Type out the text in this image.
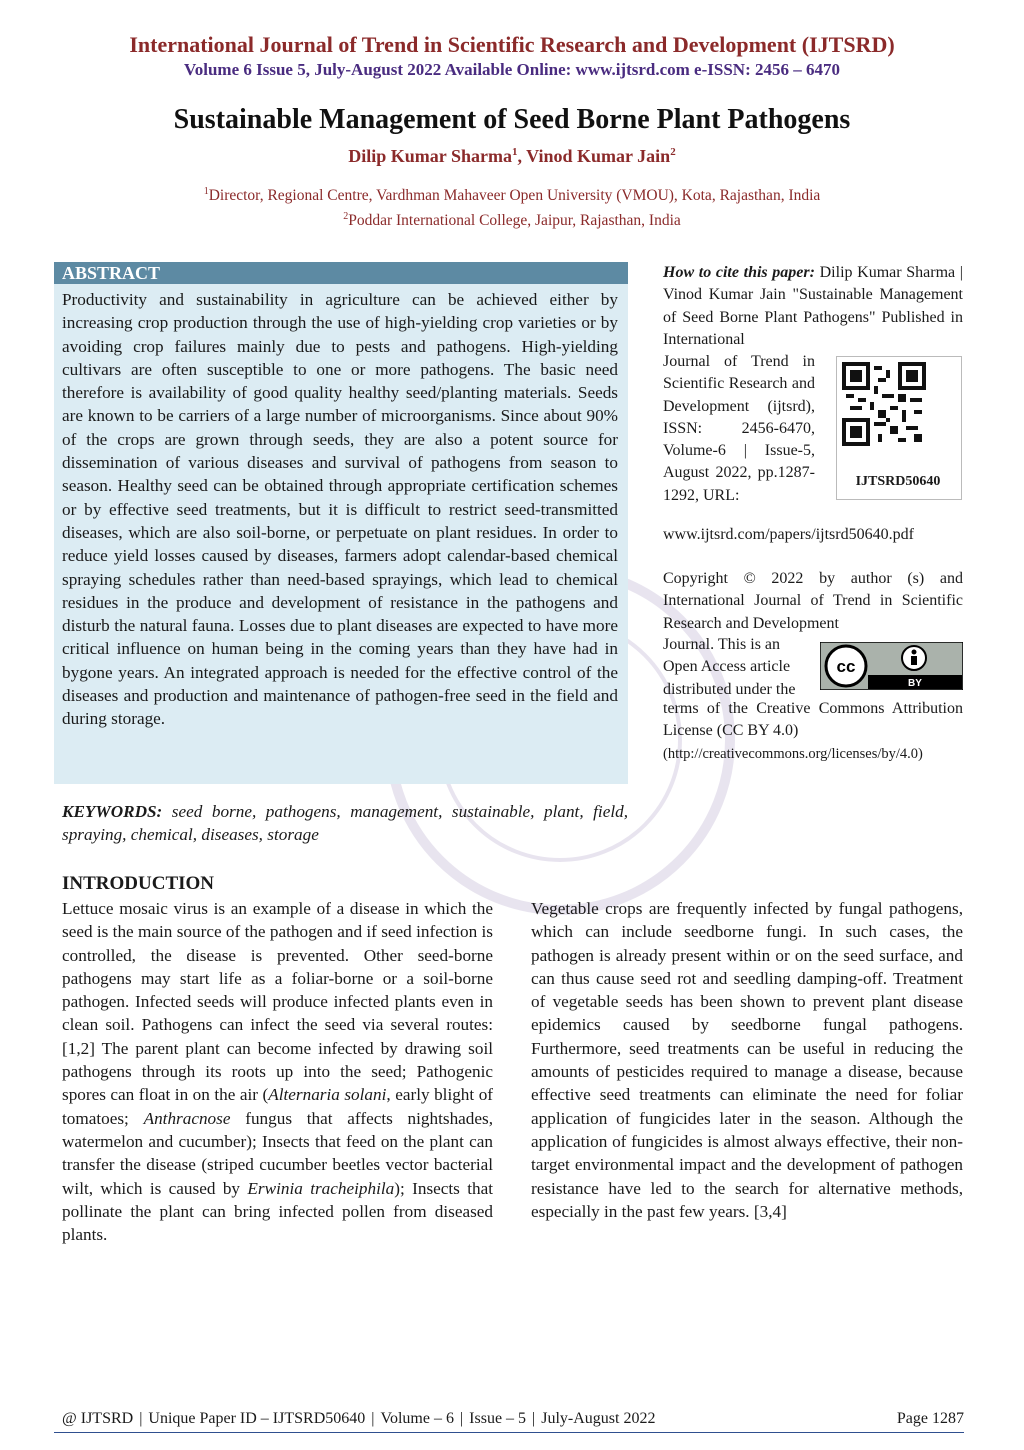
International Journal of Trend in Scientific Research and Development (IJTSRD)
Volume 6 Issue 5, July-August 2022 Available Online: www.ijtsrd.com e-ISSN: 2456 – 6470
Sustainable Management of Seed Borne Plant Pathogens
Dilip Kumar Sharma$^1$, Vinod Kumar Jain$^2$
$^1$Director, Regional Centre, Vardhman Mahaveer Open University (VMOU), Kota, Rajasthan, India
$^2$Poddar International College, Jaipur, Rajasthan, India
ABSTRACT
Productivity and sustainability in agriculture can be achieved either by increasing crop production through the use of high-yielding crop varieties or by avoiding crop failures mainly due to pests and pathogens. High-yielding cultivars are often susceptible to one or more pathogens. The basic need therefore is availability of good quality healthy seed/planting materials. Seeds are known to be carriers of a large number of microorganisms. Since about 90% of the crops are grown through seeds, they are also a potent source for dissemination of various diseases and survival of pathogens from season to season. Healthy seed can be obtained through appropriate certification schemes or by effective seed treatments, but it is difficult to restrict seed-transmitted diseases, which are also soil-borne, or perpetuate on plant residues. In order to reduce yield losses caused by diseases, farmers adopt calendar-based chemical spraying schedules rather than need-based sprayings, which lead to chemical residues in the produce and development of resistance in the pathogens and disturb the natural fauna. Losses due to plant diseases are expected to have more critical influence on human being in the coming years than they have had in bygone years. An integrated approach is needed for the effective control of the diseases and production and maintenance of pathogen-free seed in the field and during storage.
How to cite this paper: Dilip Kumar Sharma | Vinod Kumar Jain "Sustainable Management of Seed Borne Plant Pathogens" Published in International
Journal of Trend in Scientific Research and Development (ijtsrd), ISSN: 2456-6470, Volume-6 | Issue-5, August 2022, pp.1287-1292, URL:
www.ijtsrd.com/papers/ijtsrd50640.pdf
IJTSRD50640
Copyright © 2022 by author (s) and International Journal of Trend in Scientific Research and Development
Journal. This is an Open Access article distributed under the
cc
BY
terms of the Creative Commons Attribution License (CC BY 4.0)
(http://creativecommons.org/licenses/by/4.0)
KEYWORDS: seed borne, pathogens, management, sustainable, plant, field, spraying, chemical, diseases, storage
INTRODUCTION
Lettuce mosaic virus is an example of a disease in which the seed is the main source of the pathogen and if seed infection is controlled, the disease is prevented. Other seed-borne pathogens may start life as a foliar-borne or a soil-borne pathogen. Infected seeds will produce infected plants even in clean soil. Pathogens can infect the seed via several routes:[1,2] The parent plant can become infected by drawing soil pathogens through its roots up into the seed; Pathogenic spores can float in on the air (Alternaria solani, early blight of tomatoes; Anthracnose fungus that affects nightshades, watermelon and cucumber); Insects that feed on the plant can transfer the disease (striped cucumber beetles vector bacterial wilt, which is caused by Erwinia tracheiphila); Insects that pollinate the plant can bring infected pollen from diseased plants.
Vegetable crops are frequently infected by fungal pathogens, which can include seedborne fungi. In such cases, the pathogen is already present within or on the seed surface, and can thus cause seed rot and seedling damping-off. Treatment of vegetable seeds has been shown to prevent plant disease epidemics caused by seedborne fungal pathogens. Furthermore, seed treatments can be useful in reducing the amounts of pesticides required to manage a disease, because effective seed treatments can eliminate the need for foliar application of fungicides later in the season. Although the application of fungicides is almost always effective, their non-target environmental impact and the development of pathogen resistance have led to the search for alternative methods, especially in the past few years. [3,4]
@ IJTSRD | Unique Paper ID – IJTSRD50640 | Volume – 6 | Issue – 5 | July-August 2022	Page 1287
